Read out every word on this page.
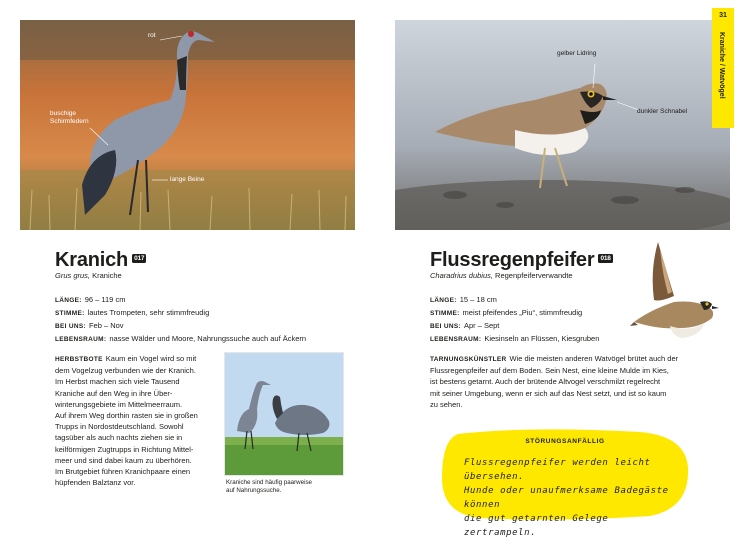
rot
buschige Schirmfedern
lange Beine
gelber Lidring
dunkler Schnabel
31
Kraniche / Watvögel
Kranich 017
Grus grus, Kraniche
LÄNGE: 96 – 119 cm
STIMME: lautes Trompeten, sehr stimmfreudig
BEI UNS: Feb – Nov
LEBENSRAUM: nasse Wälder und Moore, Nahrungssuche auch auf Äckern
HERBSTBOTE Kaum ein Vogel wird so mit
dem Vogelzug verbunden wie der Kranich.
Im Herbst machen sich viele Tausend
Kraniche auf den Weg in ihre Über-
winterungsgebiete im Mittelmeerraum.
Auf ihrem Weg dorthin rasten sie in großen
Trupps in Nordostdeutschland. Sowohl
tagsüber als auch nachts ziehen sie in
keilförmigen Zugtrupps in Richtung Mittel-
meer und sind dabei kaum zu überhören.
Im Brutgebiet führen Kranichpaare einen
hüpfenden Balztanz vor.	Kraniche sind häufig paarweise
auf Nahrungssuche.
Flussregenpfeifer 018
Charadrius dubius, Regenpfeiferverwandte
LÄNGE: 15 – 18 cm
STIMME: meist pfeifendes „Piu“, stimmfreudig
BEI UNS: Apr – Sept
LEBENSRAUM: Kiesinseln an Flüssen, Kiesgruben
TARNUNGSKÜNSTLER Wie die meisten anderen Watvögel brütet auch der
Flussregenpfeifer auf dem Boden. Sein Nest, eine kleine Mulde im Kies,
ist bestens getarnt. Auch der brütende Altvogel verschmilzt regelrecht
mit seiner Umgebung, wenn er sich auf das Nest setzt, und ist so kaum
zu sehen.
STÖRUNGSANFÄLLIG
Flussregenpfeifer werden leicht übersehen.
Hunde oder unaufmerksame Badegäste können
die gut getarnten Gelege zertrampeln.
